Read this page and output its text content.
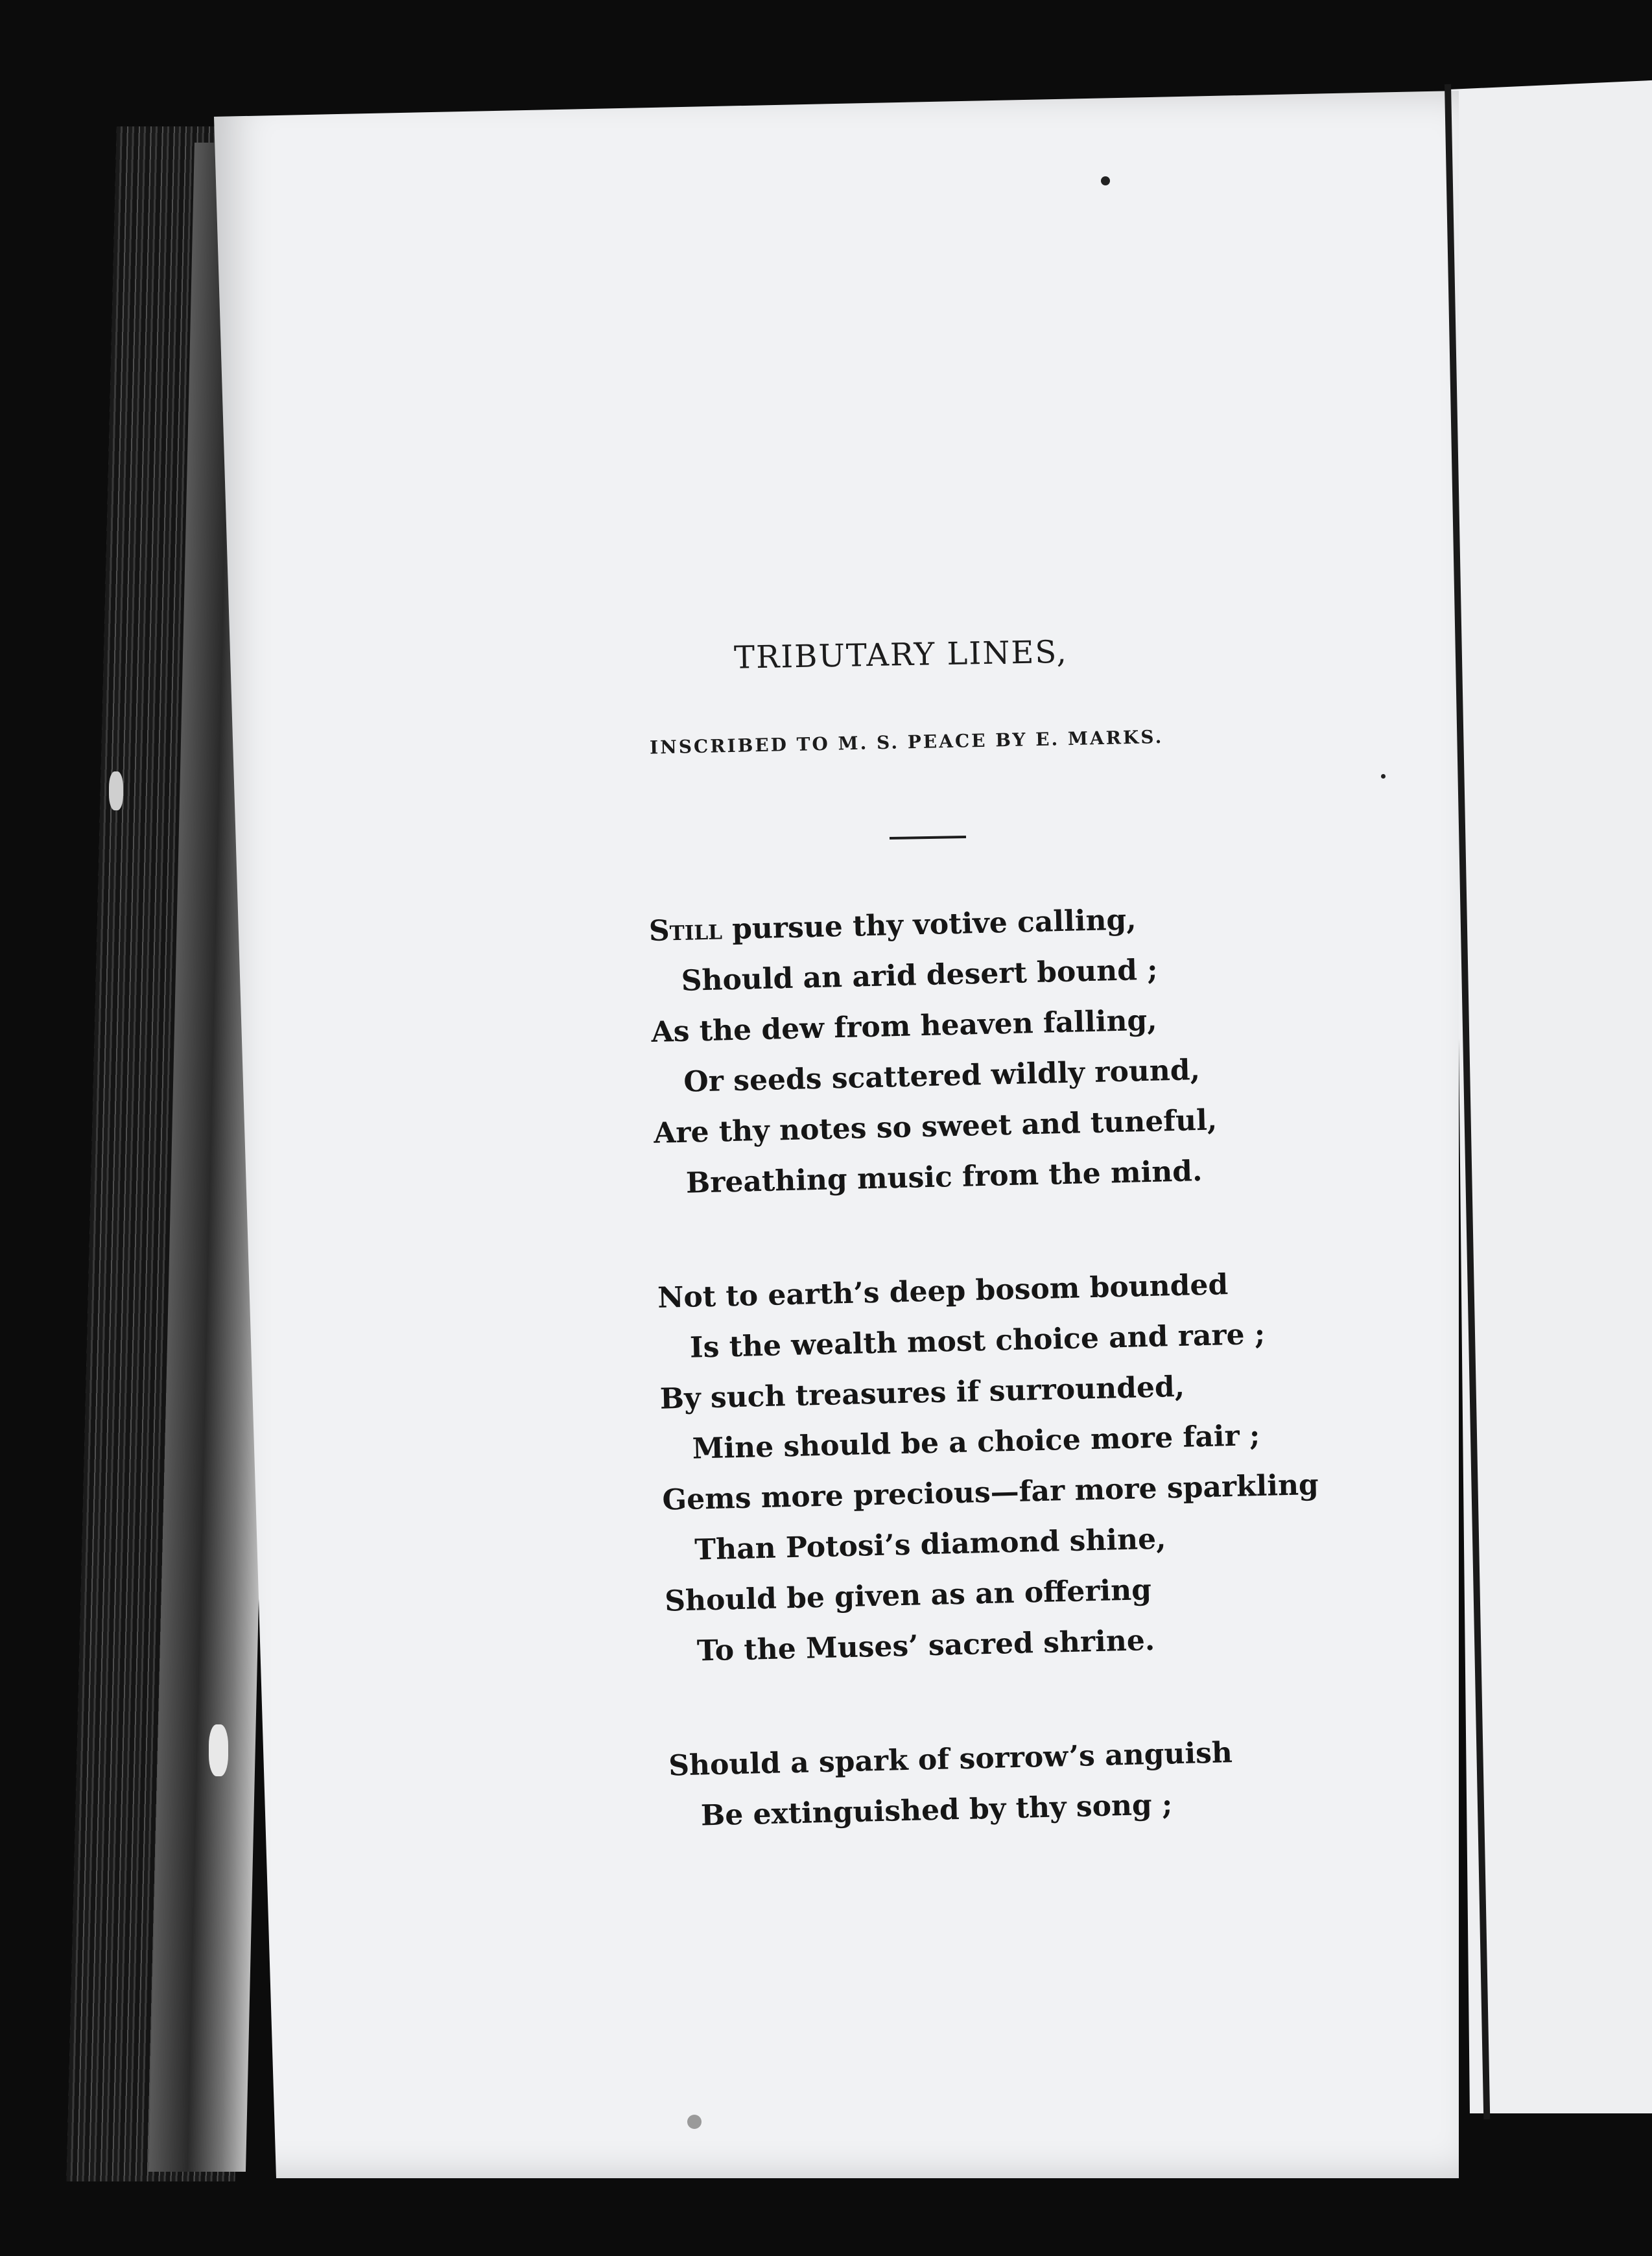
TRIBUTARY LINES,
INSCRIBED TO M. S. PEACE BY E. MARKS.
Still pursue thy votive calling,
Should an arid desert bound ;
As the dew from heaven falling,
Or seeds scattered wildly round,
Are thy notes so sweet and tuneful,
Breathing music from the mind.
Not to earth’s deep bosom bounded
Is the wealth most choice and rare ;
By such treasures if surrounded,
Mine should be a choice more fair ;
Gems more precious—far more sparkling
Than Potosi’s diamond shine,
Should be given as an offering
To the Muses’ sacred shrine.
Should a spark of sorrow’s anguish
Be extinguished by thy song ;
